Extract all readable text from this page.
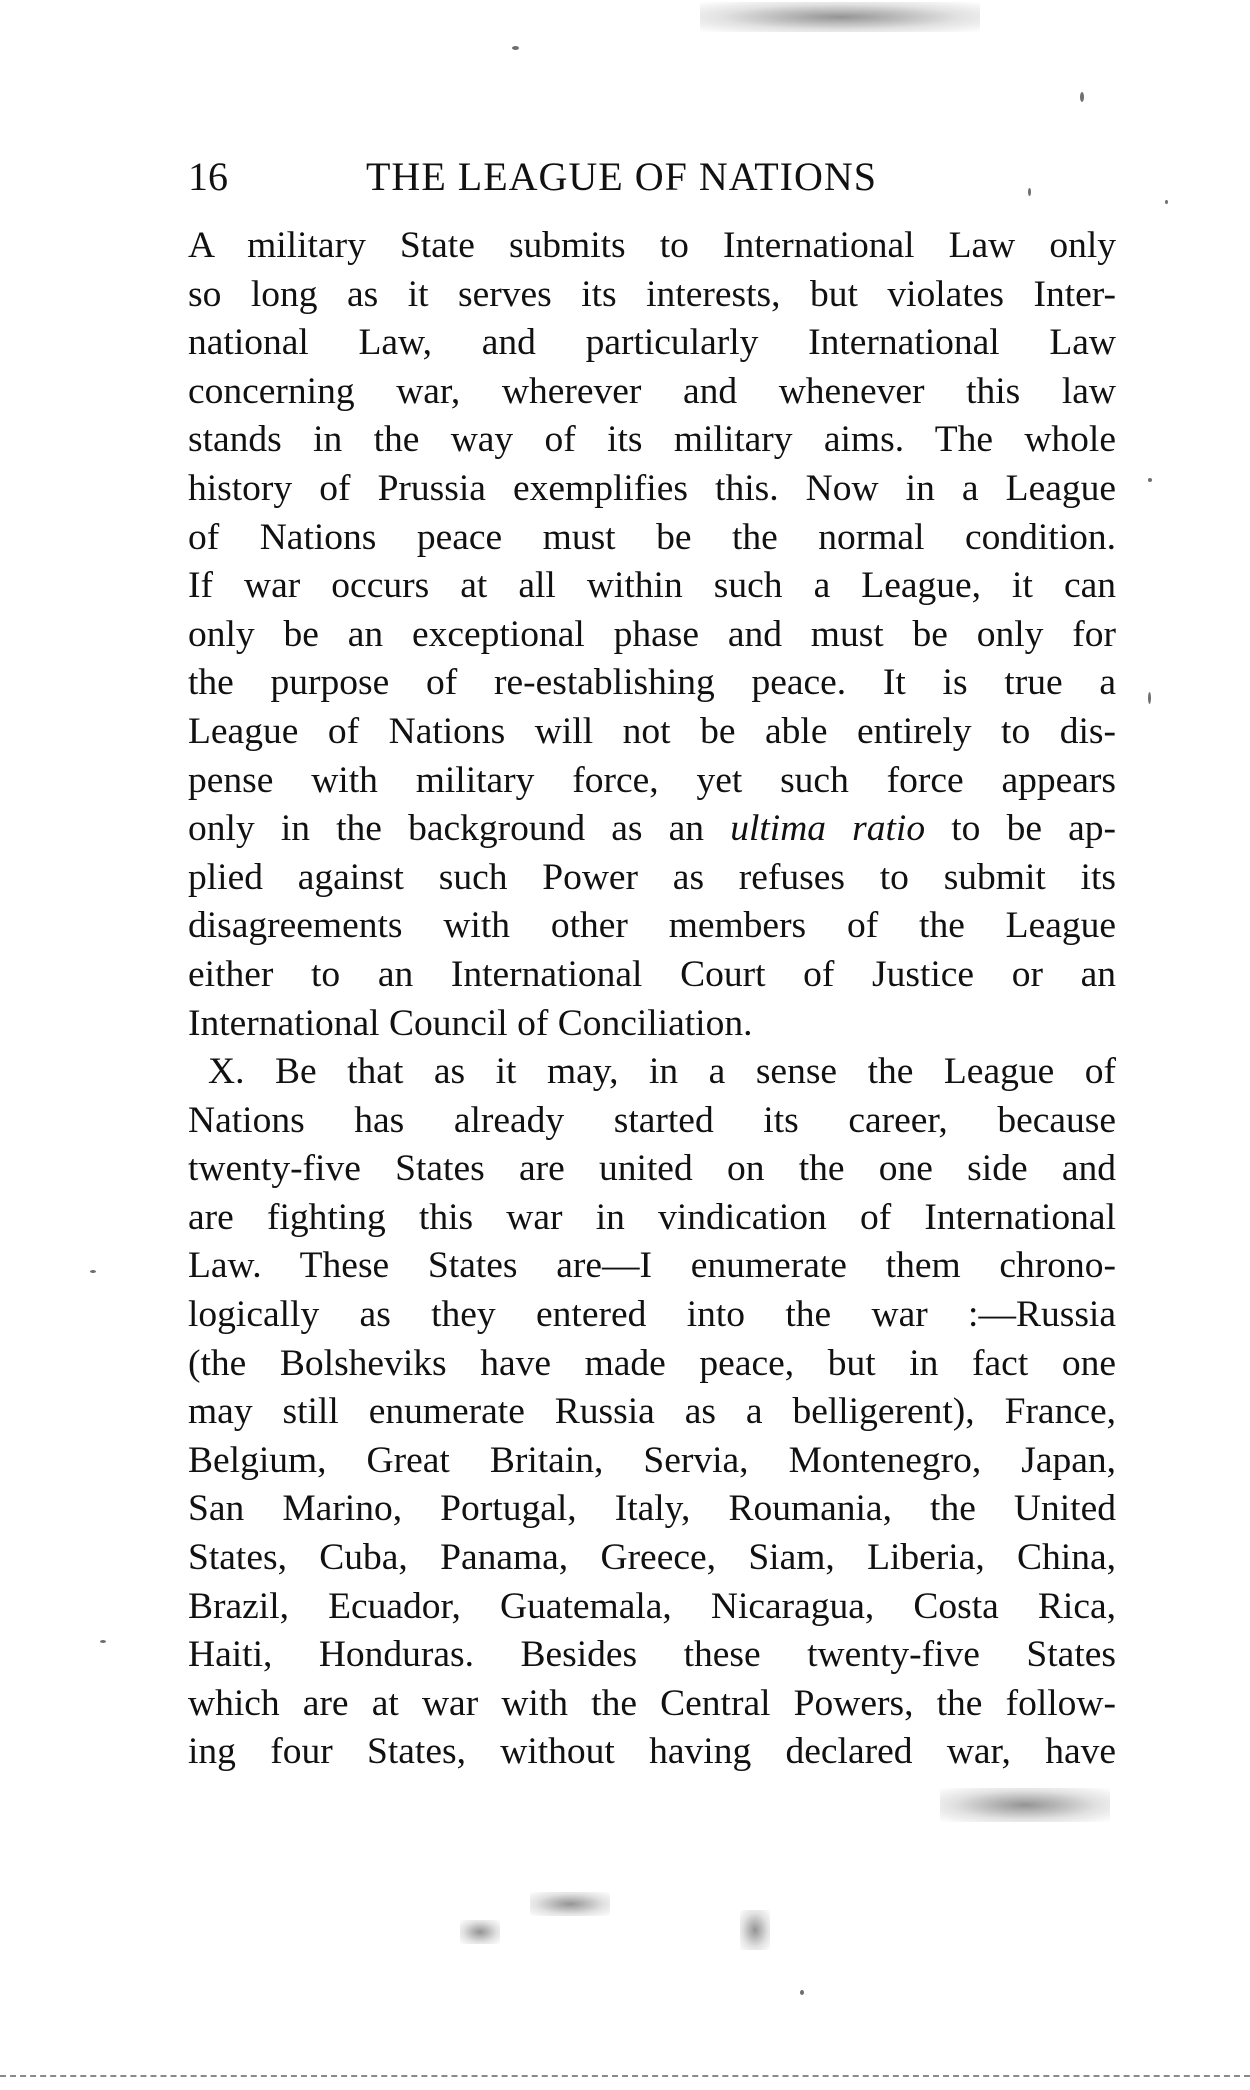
16	THE LEAGUE OF NATIONS
A military State submits to International Law only
so long as it serves its interests, but violates Inter-
national Law, and particularly International Law
concerning war, wherever and whenever this law
stands in the way of its military aims. The whole
history of Prussia exemplifies this. Now in a League
of Nations peace must be the normal condition.
If war occurs at all within such a League, it can
only be an exceptional phase and must be only for
the purpose of re-establishing peace. It is true a
League of Nations will not be able entirely to dis-
pense with military force, yet such force appears
only in the background as an ultima ratio to be ap-
plied against such Power as refuses to submit its
disagreements with other members of the League
either to an International Court of Justice or an
International Council of Conciliation.
X. Be that as it may, in a sense the League of
Nations has already started its career, because
twenty-five States are united on the one side and
are fighting this war in vindication of International
Law. These States are—I enumerate them chrono-
logically as they entered into the war :—Russia
(the Bolsheviks have made peace, but in fact one
may still enumerate Russia as a belligerent), France,
Belgium, Great Britain, Servia, Montenegro, Japan,
San Marino, Portugal, Italy, Roumania, the United
States, Cuba, Panama, Greece, Siam, Liberia, China,
Brazil, Ecuador, Guatemala, Nicaragua, Costa Rica,
Haiti, Honduras. Besides these twenty-five States
which are at war with the Central Powers, the follow-
ing four States, without having declared war, have
